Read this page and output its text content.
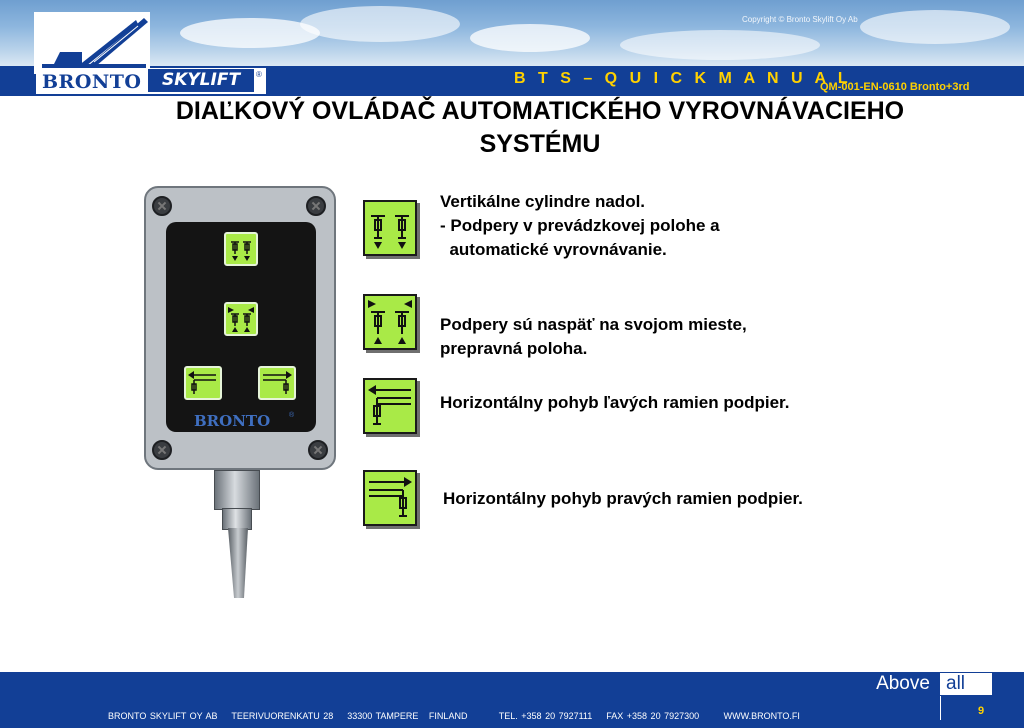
Copyright © Bronto Skylift Oy Ab
BRONTO	SKYLIFT	®	B T S – Q U I C K M A N U A L
QM-001-EN-0610 Bronto+3rd
DIAĽKOVÝ OVLÁDAČ AUTOMATICKÉHO VYROVNÁVACIEHO
SYSTÉMU
BRONTO	®
Vertikálne cylindre nadol.
- Podpery v prevádzkovej polohe a
automatické vyrovnávanie.
Podpery sú naspäť na svojom mieste,
prepravná poloha.
Horizontálny pohyb ľavých ramien podpier.
Horizontálny pohyb pravých ramien podpier.
Above all
9
BRONTO SKYLIFT OY AB    TEERIVUORENKATU 28    33300 TAMPERE   FINLAND         TEL. +358 20 7927111    FAX +358 20 7927300       WWW.BRONTO.FI
